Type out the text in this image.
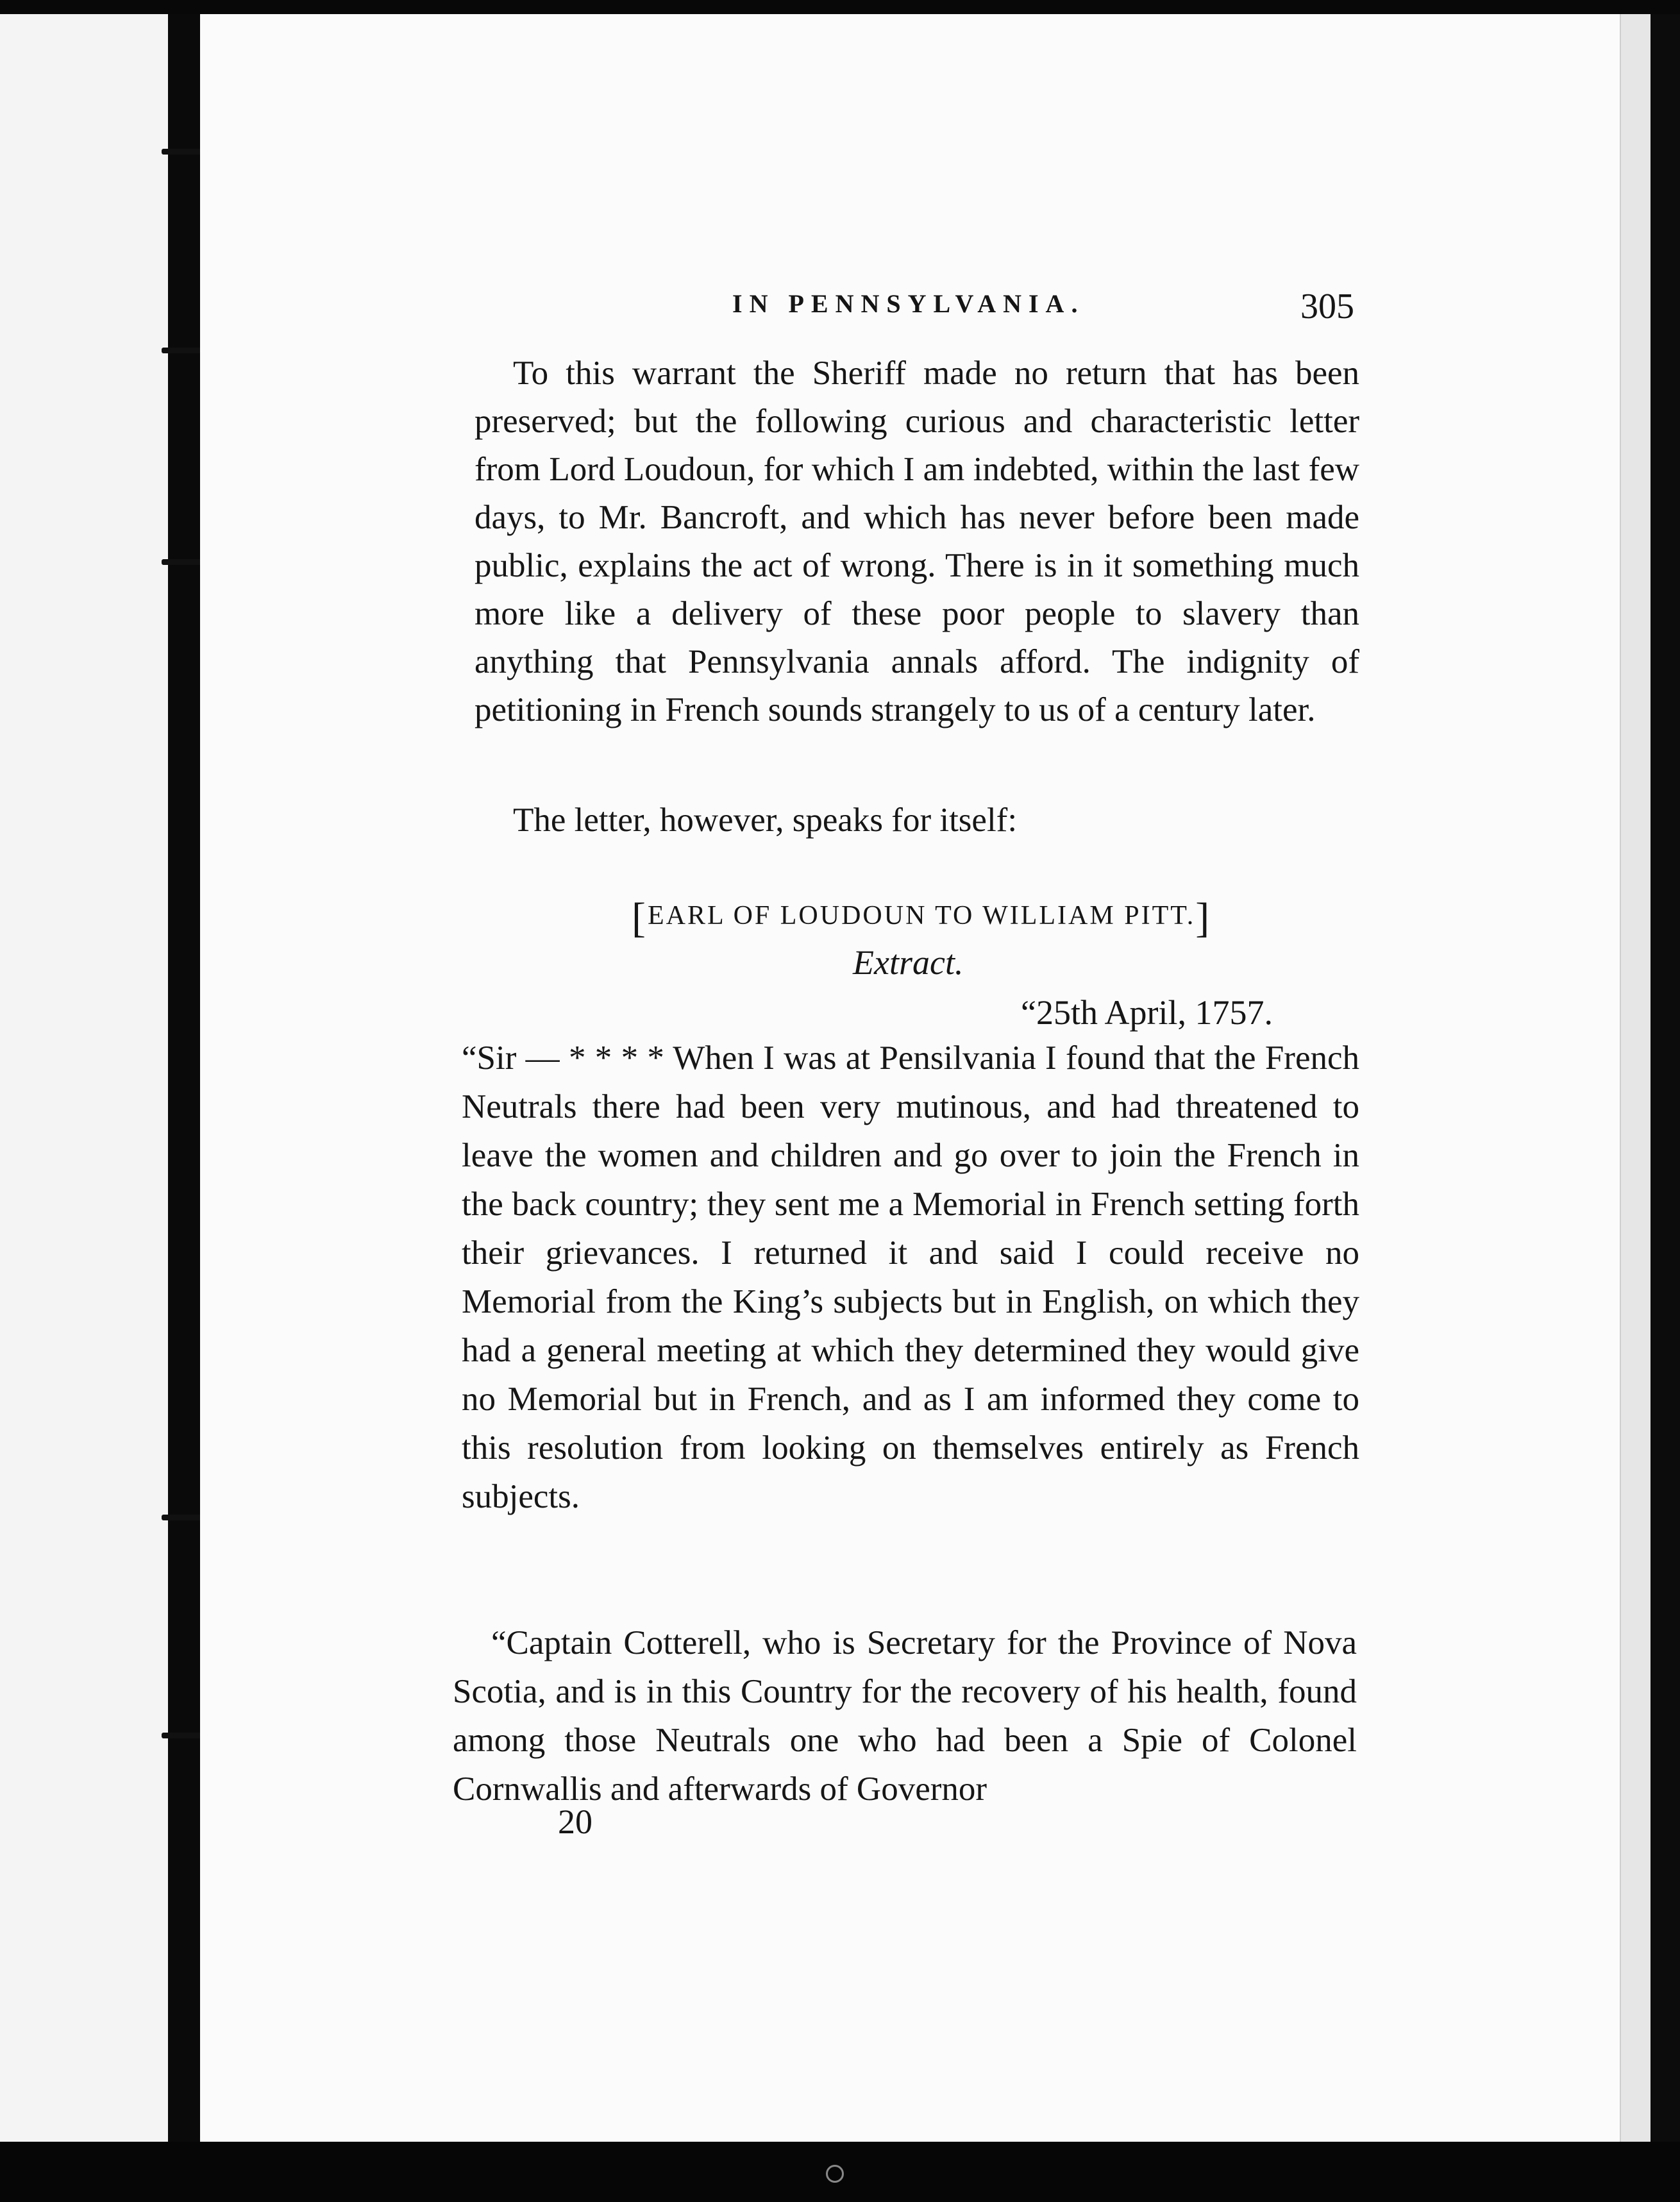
IN PENNSYLVANIA.	305

To this warrant the Sheriff made no return that has been preserved; but the following curious and characteristic letter from Lord Loudoun, for which I am indebted, within the last few days, to Mr. Bancroft, and which has never before been made public, explains the act of wrong. There is in it something much more like a delivery of these poor people to slavery than anything that Pennsylvania annals afford. The indignity of petitioning in French sounds strangely to us of a century later.

The letter, however, speaks for itself:

[EARL OF LOUDOUN TO WILLIAM PITT.]
Extract.
“25th April, 1757.

“Sir — * * * * When I was at Pensilvania I found that the French Neutrals there had been very mutinous, and had threatened to leave the women and children and go over to join the French in the back country; they sent me a Memorial in French setting forth their grievances. I returned it and said I could receive no Memorial from the King’s subjects but in English, on which they had a general meeting at which they determined they would give no Memorial but in French, and as I am informed they come to this resolution from looking on themselves entirely as French subjects.

“Captain Cotterell, who is Secretary for the Province of Nova Scotia, and is in this Country for the recovery of his health, found among those Neutrals one who had been a Spie of Colonel Cornwallis and afterwards of Governor

20
